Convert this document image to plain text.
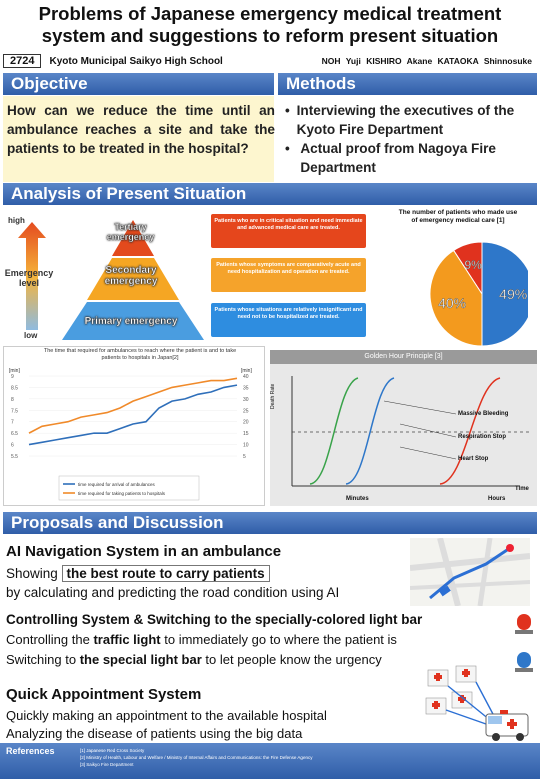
Problems of Japanese emergency medical treatment
system and suggestions to reform present situation
2724	Kyoto Municipal Saikyo High School	NOH Yuji KISHIRO Akane KATAOKA Shinnosuke
Objective	Methods
How can we reduce the time until an ambulance reaches a site and take the patients to be treated in the hospital?
• Interviewing the executives of the Kyoto Fire Department
• Actual proof from Nagoya Fire Department
Analysis of Present Situation
high
Emergency level
low
Tertiary emergency
Secondary emergency
Primary emergency
Patients who are in critical situation and need immediate and advanced medical care are treated.
Patients whose symptoms are comparatively acute and need hospitalization and operation are treated.
Patients whose situations are relatively insignificant and need not to be hospitalized are treated.
The number of patients who made use of emergency medical care [1]
9%
49%
40%
The time that required for ambulances to reach where the patient is and to take patients to hospitals in Japan[2]
[min]	[min]
9
8.5
8
7.5
7
6.5
6
5.5
40
35
30
25
20
15
10
5
time required for arrival of ambulances
time required for taking patients to hospitals
Golden Hour Principle [3]
Death Rate
Massive Bleeding
Respiration Stop
Heart Stop
Minutes	Hours
Time
Proposals and Discussion
AI Navigation System in an ambulance
Showing the best route to carry patients
by calculating and predicting the road condition using AI
Controlling System & Switching to the specially-colored light bar
Controlling the traffic light to immediately go to where the patient is
Switching to the special light bar to let people know the urgency
Quick Appointment System
Quickly making an appointment to the available hospital
Analyzing the disease of patients using the big data
References	[1] Japanese Red Cross Society
[2] Ministry of Health, Labour and Welfare / Ministry of Internal Affairs and Communications: the Fire Defense Agency
[3] Saikyo Fire Department
